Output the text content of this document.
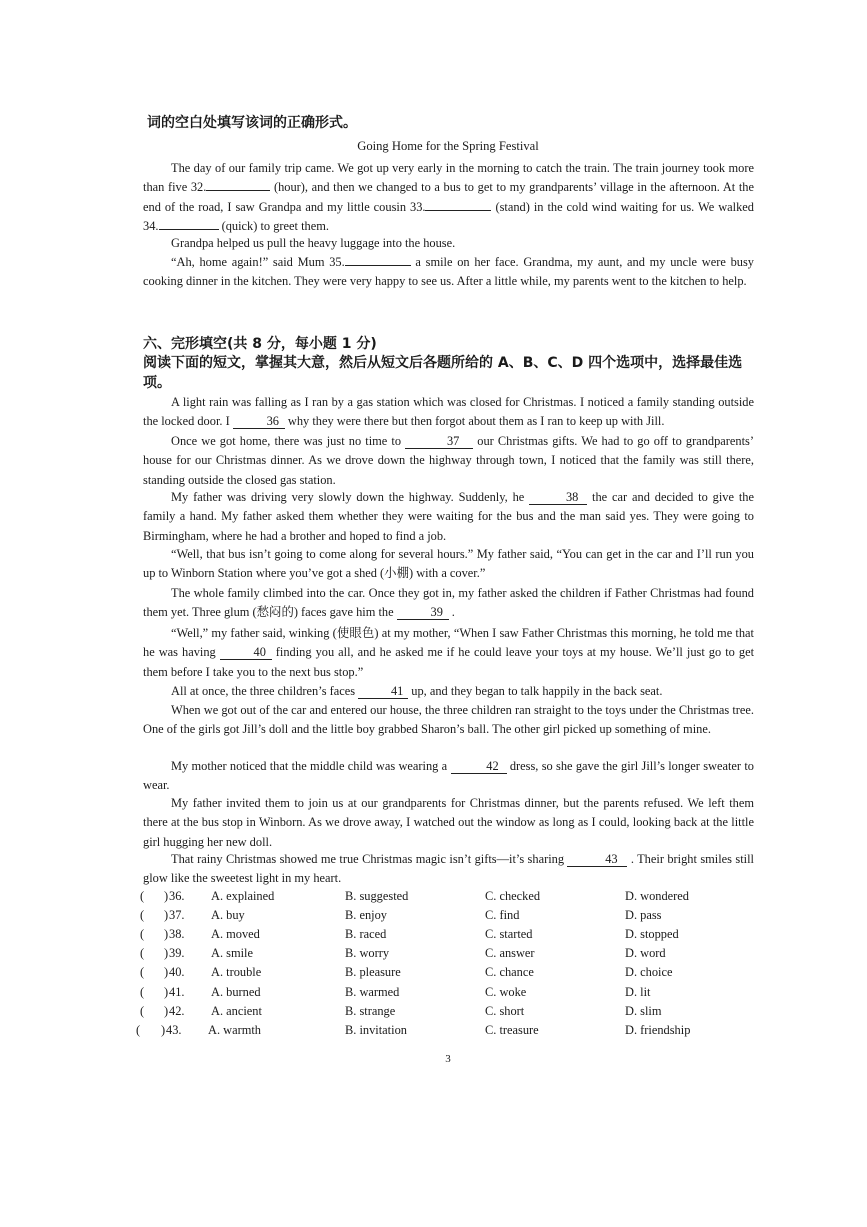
词的空白处填写该词的正确形式。
Going Home for the Spring Festival

The day of our family trip came. We got up very early in the morning to catch the train. The train journey took more than five 32.	(hour), and then we changed to a bus to get to my grandparents’ village in the afternoon. At the end of the road, I saw Grandpa and my little cousin 33.	(stand) in the cold wind waiting for us. We walked 34.	(quick) to greet them.

Grandpa helped us pull the heavy luggage into the house.

“Ah, home again!” said Mum 35.	a smile on her face. Grandma, my aunt, and my uncle were busy cooking dinner in the kitchen. They were very happy to see us. After a little while, my parents went to the kitchen to help.

六、完形填空(共 8 分，每小题 1 分)

阅读下面的短文，掌握其大意，然后从短文后各题所给的 A、B、C、D 四个选项中，选择最佳选项。

A light rain was falling as I ran by a gas station which was closed for Christmas. I noticed a family standing outside the locked door. I	36 why they were there but then forgot about them as I ran to keep up with Jill.

Once we got home, there was just no time to	37 our Christmas gifts. We had to go off to grandparents’ house for our Christmas dinner. As we drove down the highway through town, I noticed that the family was still there, standing outside the closed gas station.

My father was driving very slowly down the highway. Suddenly, he	38 the car and decided to give the family a hand. My father asked them whether they were waiting for the bus and the man said yes. They were going to Birmingham, where he had a brother and hoped to find a job.

“Well, that bus isn’t going to come along for several hours.” My father said, “You can get in the car and I’ll run you up to Winborn Station where you’ve got a shed (小棚) with a cover.”

The whole family climbed into the car. Once they got in, my father asked the children if Father Christmas had found them yet. Three glum (愁闷的) faces gave him the	39 .

“Well,” my father said, winking (使眼色) at my mother, “When I saw Father Christmas this morning, he told me that he was having	40 finding you all, and he asked me if he could leave your toys at my house. We’ll just go to get them before I take you to the next bus stop.”

All at once, the three children’s faces	41 up, and they began to talk happily in the back seat.

When we got out of the car and entered our house, the three children ran straight to the toys under the Christmas tree. One of the girls got Jill’s doll and the little boy grabbed Sharon’s ball. The other girl picked up something of mine.

My mother noticed that the middle child was wearing a	42 dress, so she gave the girl Jill’s longer sweater to wear.

My father invited them to join us at our grandparents for Christmas dinner, but the parents refused. We left them there at the bus stop in Winborn. As we drove away, I watched out the window as long as I could, looking back at the little girl hugging her new doll.

That rainy Christmas showed me true Christmas magic isn’t gifts—it’s sharing	43 . Their bright smiles still glow like the sweetest light in my heart.

( ) 36. A. explained	B. suggested	C. checked	D. wondered
( ) 37. A. buy	B. enjoy	C. find	D. pass
( ) 38. A. moved	B. raced	C. started	D. stopped
( ) 39. A. smile	B. worry	C. answer	D. word
( ) 40. A. trouble	B. pleasure	C. chance	D. choice
( ) 41. A. burned	B. warmed	C. woke	D. lit
( ) 42. A. ancient	B. strange	C. short	D. slim
( ) 43. A. warmth	B. invitation	C. treasure	D. friendship
3
